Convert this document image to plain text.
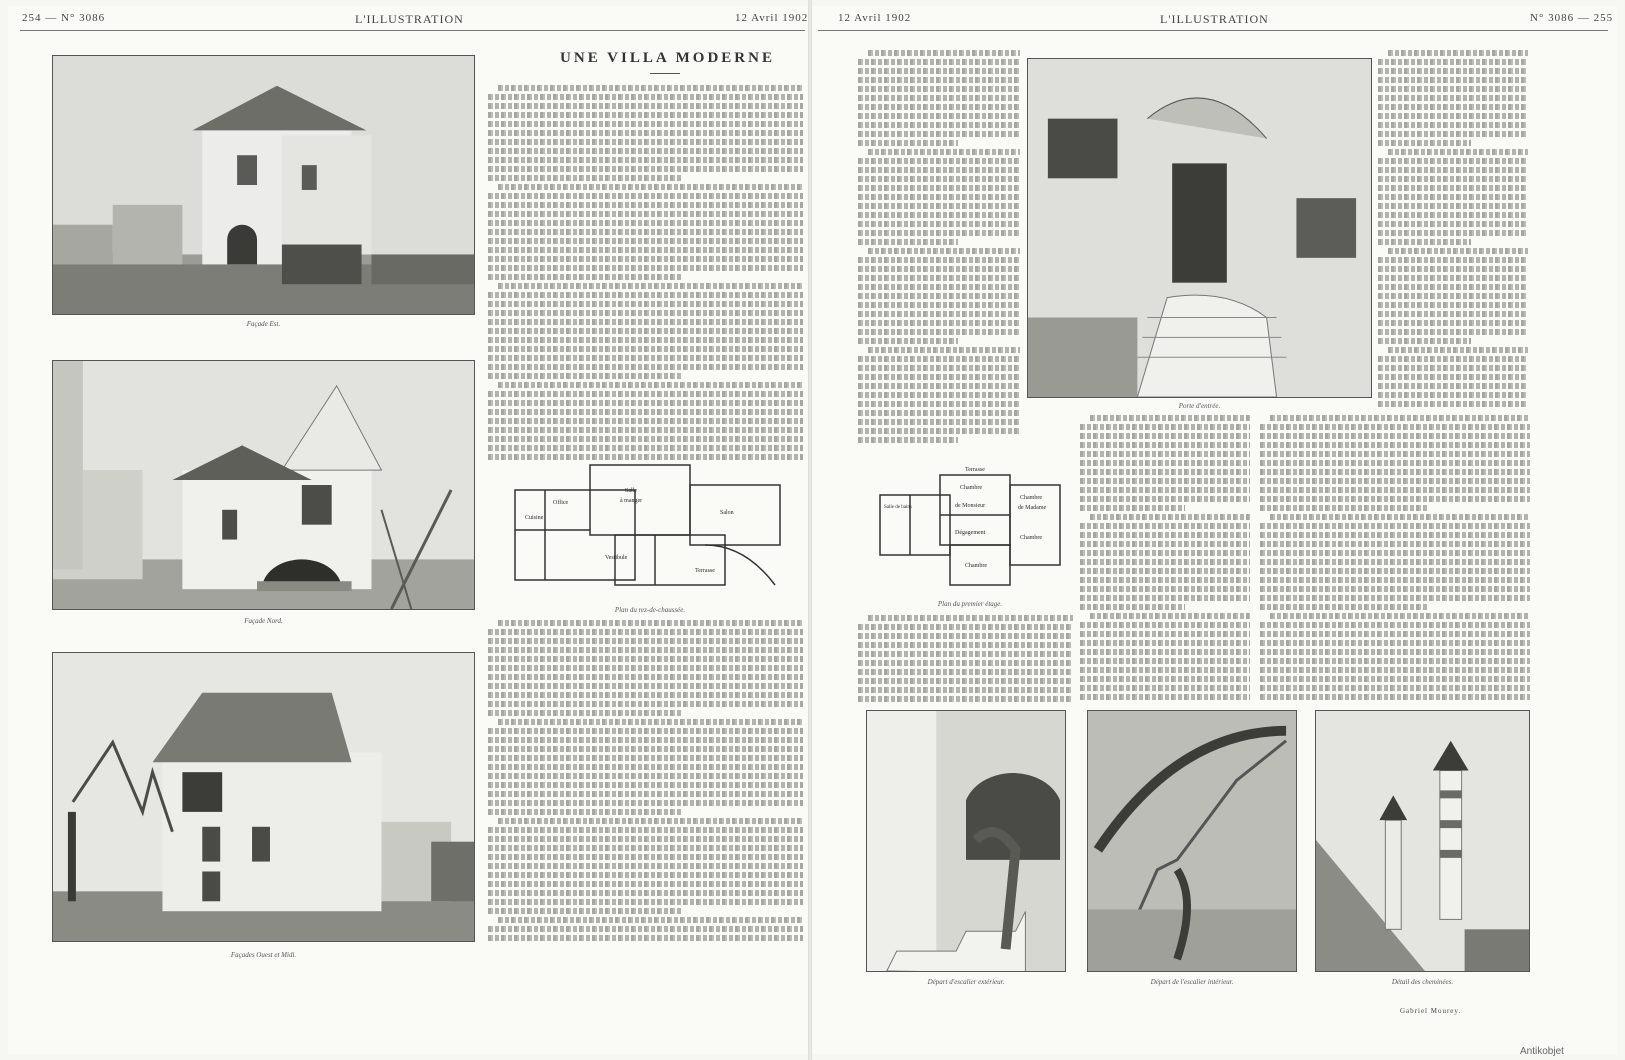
254 — N° 3086	L'ILLUSTRATION	12 Avril 1902	12 Avril 1902	L'ILLUSTRATION	N° 3086 — 255
Façade Est.
Façade Nord.
Façades Ouest et Midi.
UNE VILLA MODERNE
Salle
à manger
Salon
Vestibule
Terrasse
Cuisine
Office
Plan du rez-de-chaussée.
Porte d'entrée.
Terrasse
Chambre
Chambre
de Madame
Salle de bains	de Monsieur
Chambre
Dégagement
Chambre
Plan du premier étage.
Départ d'escalier extérieur.	Départ de l'escalier intérieur.	Détail des cheminées.
Gabriel Mourey.
Antikobjet
